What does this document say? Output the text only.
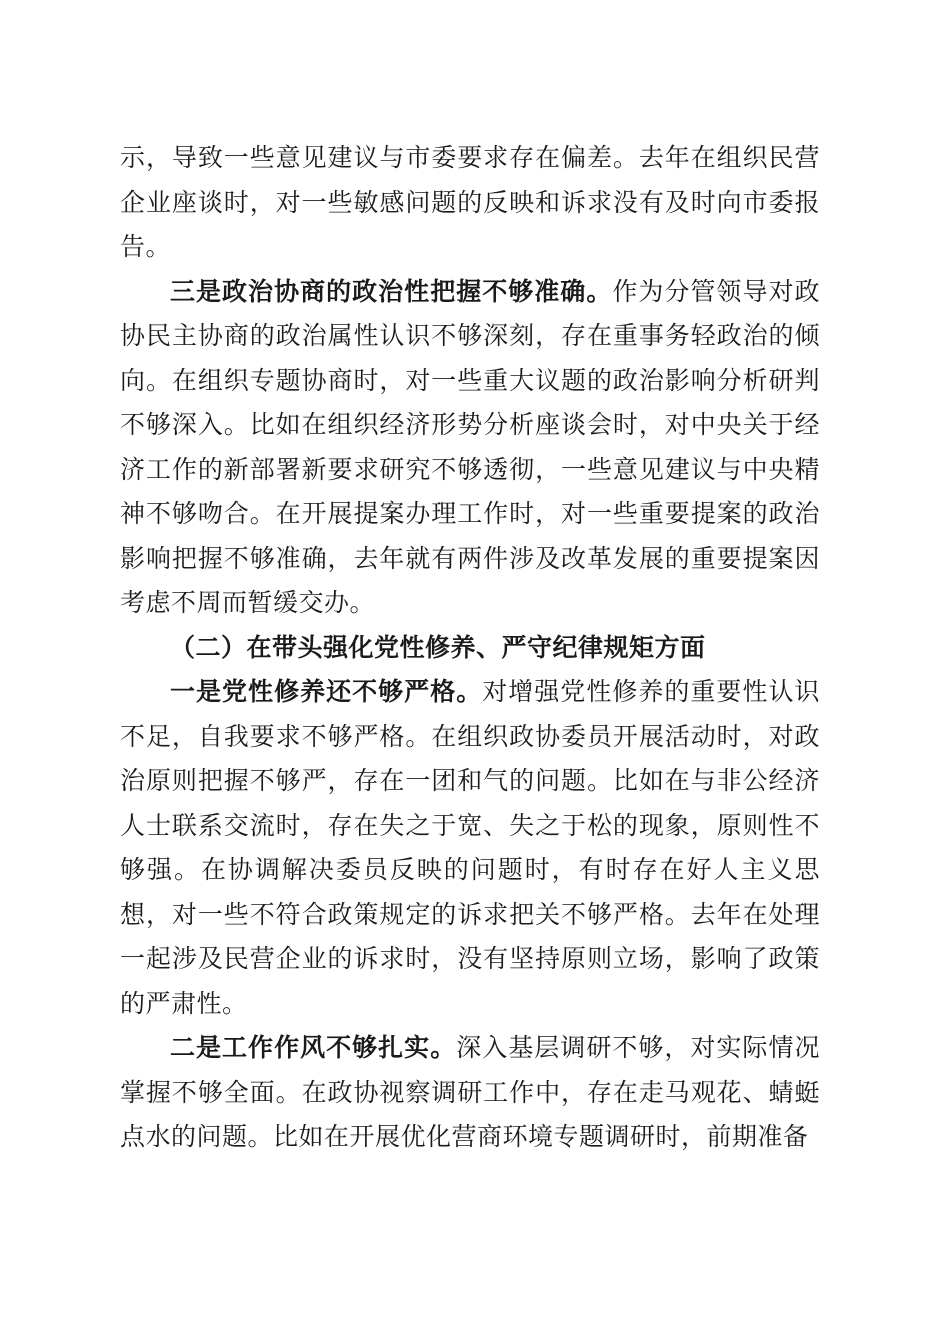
示，导致一些意见建议与市委要求存在偏差。去年在组织民营企业座谈时，对一些敏感问题的反映和诉求没有及时向市委报告。

三是政治协商的政治性把握不够准确。作为分管领导对政协民主协商的政治属性认识不够深刻，存在重事务轻政治的倾向。在组织专题协商时，对一些重大议题的政治影响分析研判不够深入。比如在组织经济形势分析座谈会时，对中央关于经济工作的新部署新要求研究不够透彻，一些意见建议与中央精神不够吻合。在开展提案办理工作时，对一些重要提案的政治影响把握不够准确，去年就有两件涉及改革发展的重要提案因考虑不周而暂缓交办。

（二）在带头强化党性修养、严守纪律规矩方面

一是党性修养还不够严格。对增强党性修养的重要性认识不足，自我要求不够严格。在组织政协委员开展活动时，对政治原则把握不够严，存在一团和气的问题。比如在与非公经济人士联系交流时，存在失之于宽、失之于松的现象，原则性不够强。在协调解决委员反映的问题时，有时存在好人主义思想，对一些不符合政策规定的诉求把关不够严格。去年在处理一起涉及民营企业的诉求时，没有坚持原则立场，影响了政策的严肃性。

二是工作作风不够扎实。深入基层调研不够，对实际情况掌握不够全面。在政协视察调研工作中，存在走马观花、蜻蜓点水的问题。比如在开展优化营商环境专题调研时，前期准备
